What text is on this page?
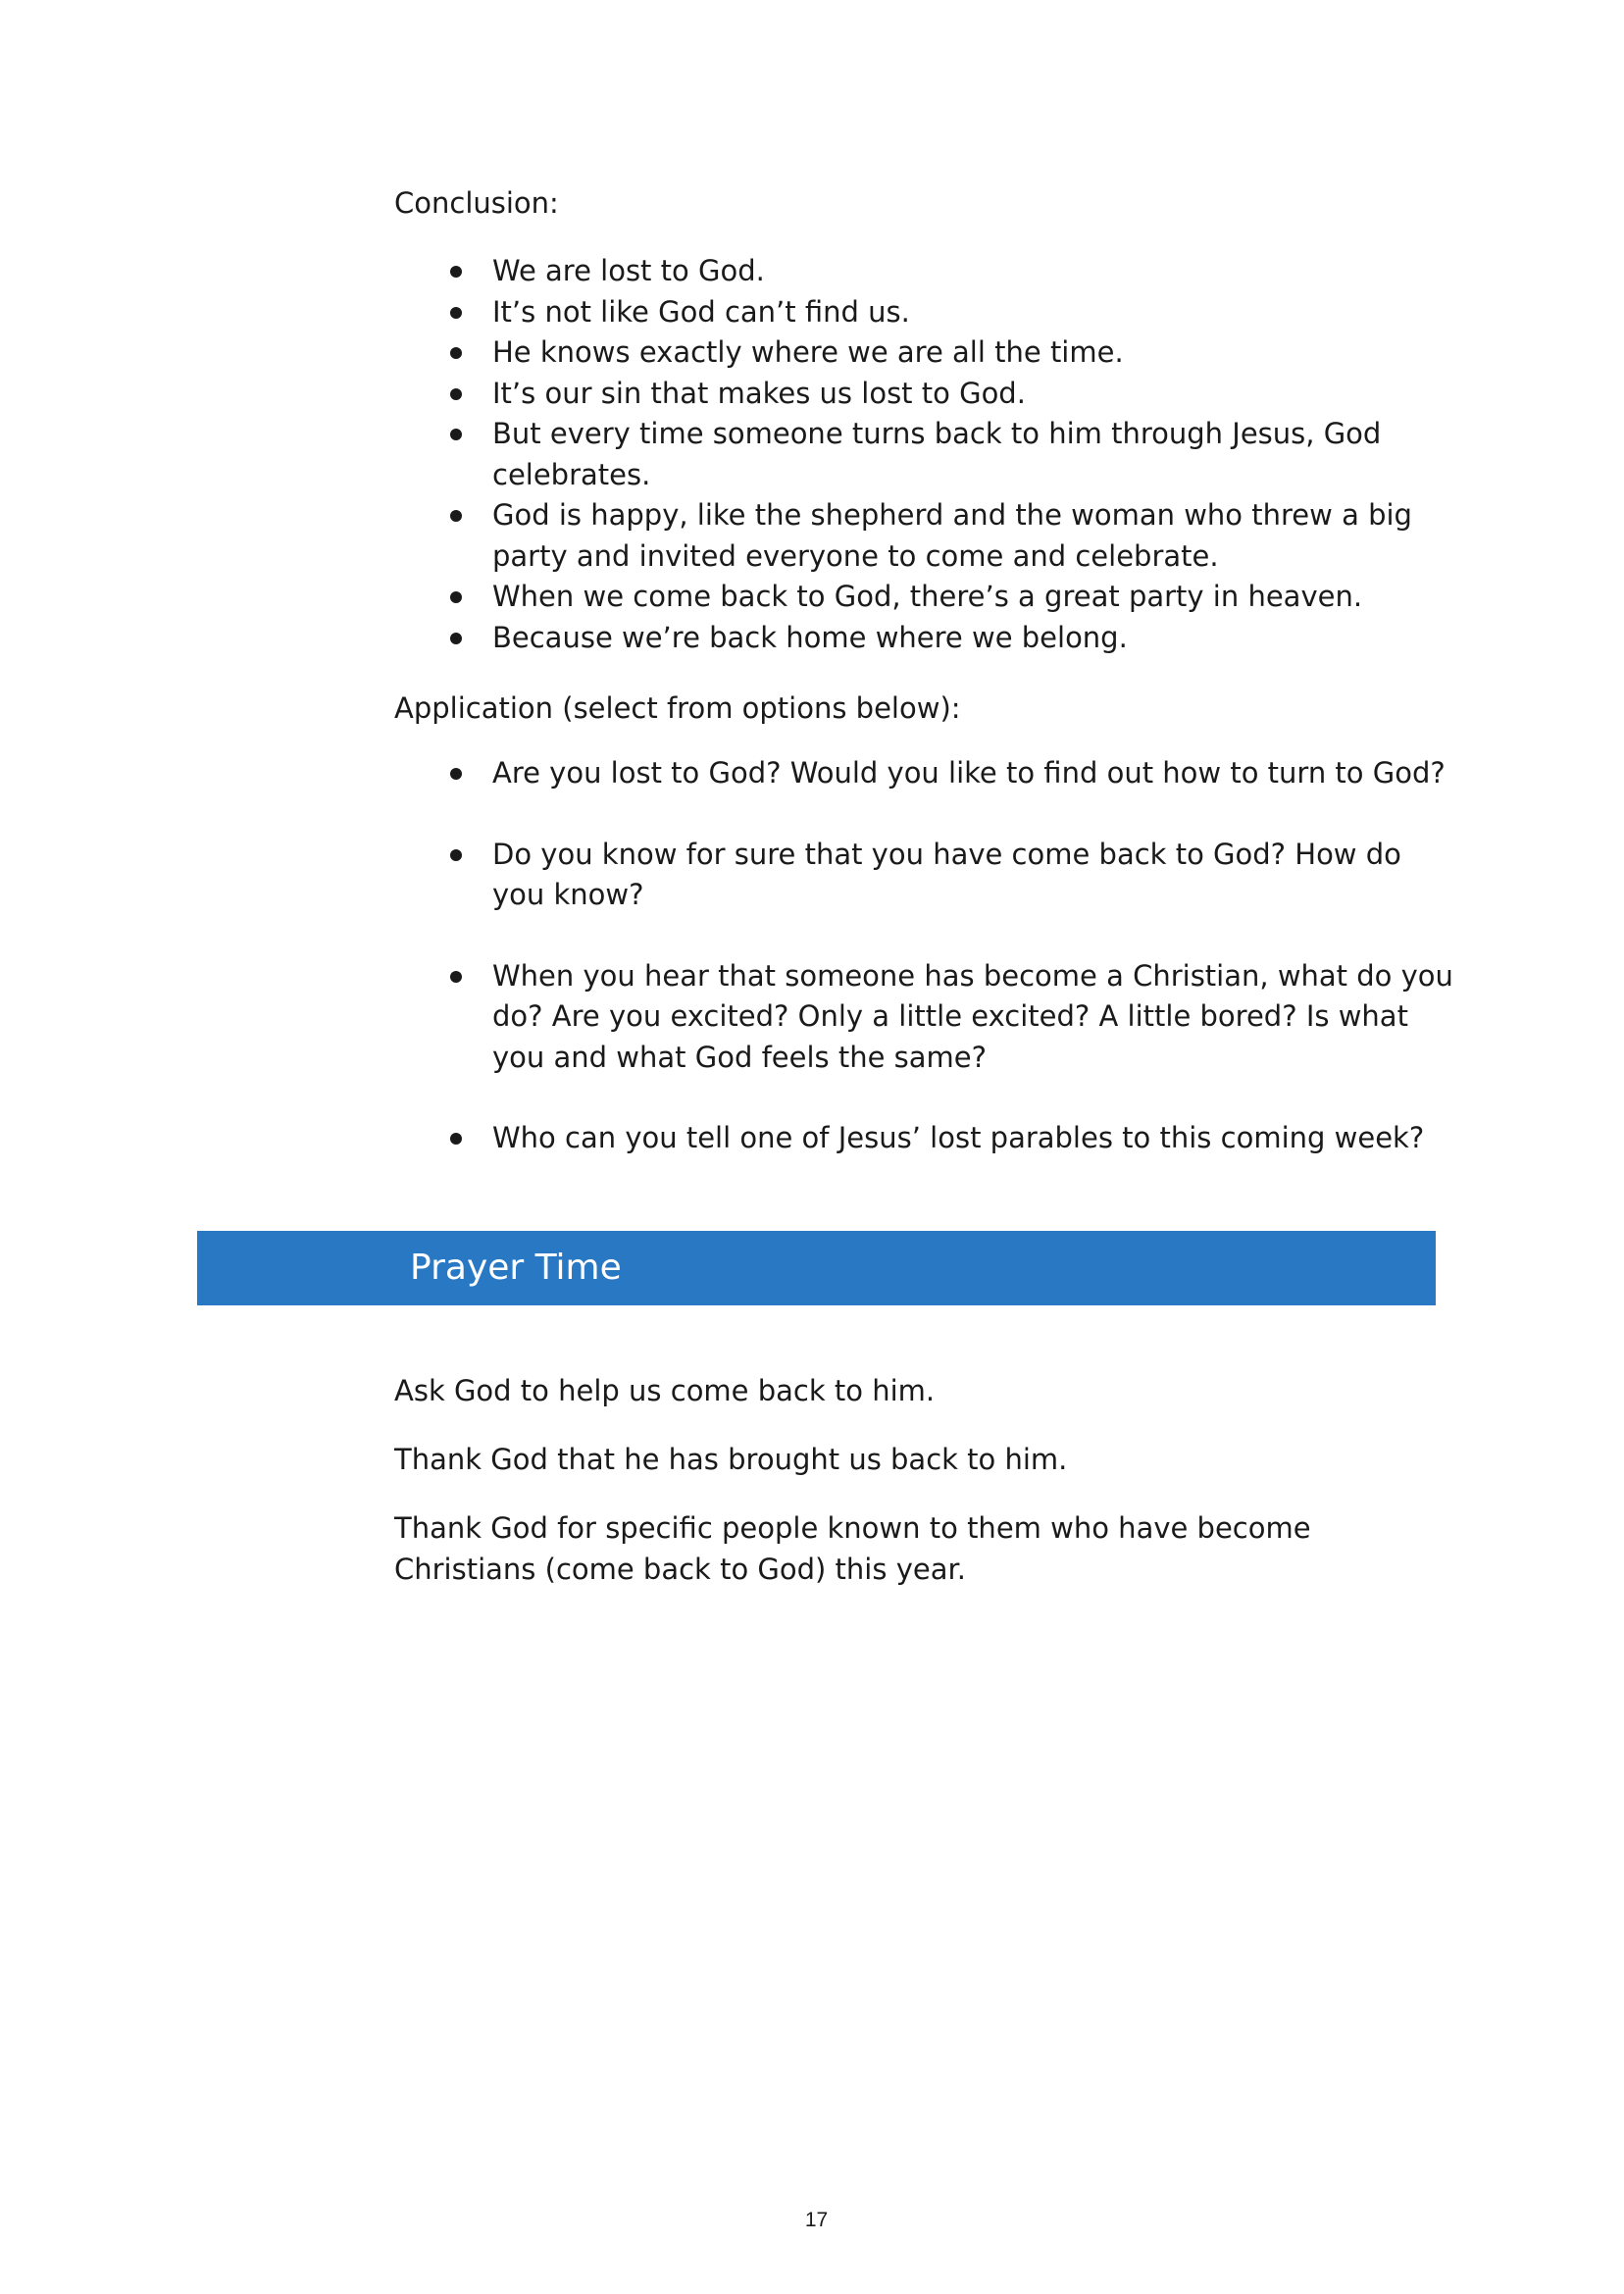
Conclusion:
We are lost to God.
It’s not like God can’t find us.
He knows exactly where we are all the time.
It’s our sin that makes us lost to God.
But every time someone turns back to him through Jesus, God celebrates.
God is happy, like the shepherd and the woman who threw a big party and invited everyone to come and celebrate.
When we come back to God, there’s a great party in heaven.
Because we’re back home where we belong.
Application (select from options below):
Are you lost to God? Would you like to find out how to turn to God?
Do you know for sure that you have come back to God? How do you know?
When you hear that someone has become a Christian, what do you do? Are you excited? Only a little excited? A little bored? Is what you and what God feels the same?
Who can you tell one of Jesus’ lost parables to this coming week?
Prayer Time

Ask God to help us come back to him.

Thank God that he has brought us back to him.

Thank God for specific people known to them who have become Christians (come back to God) this year.

17
